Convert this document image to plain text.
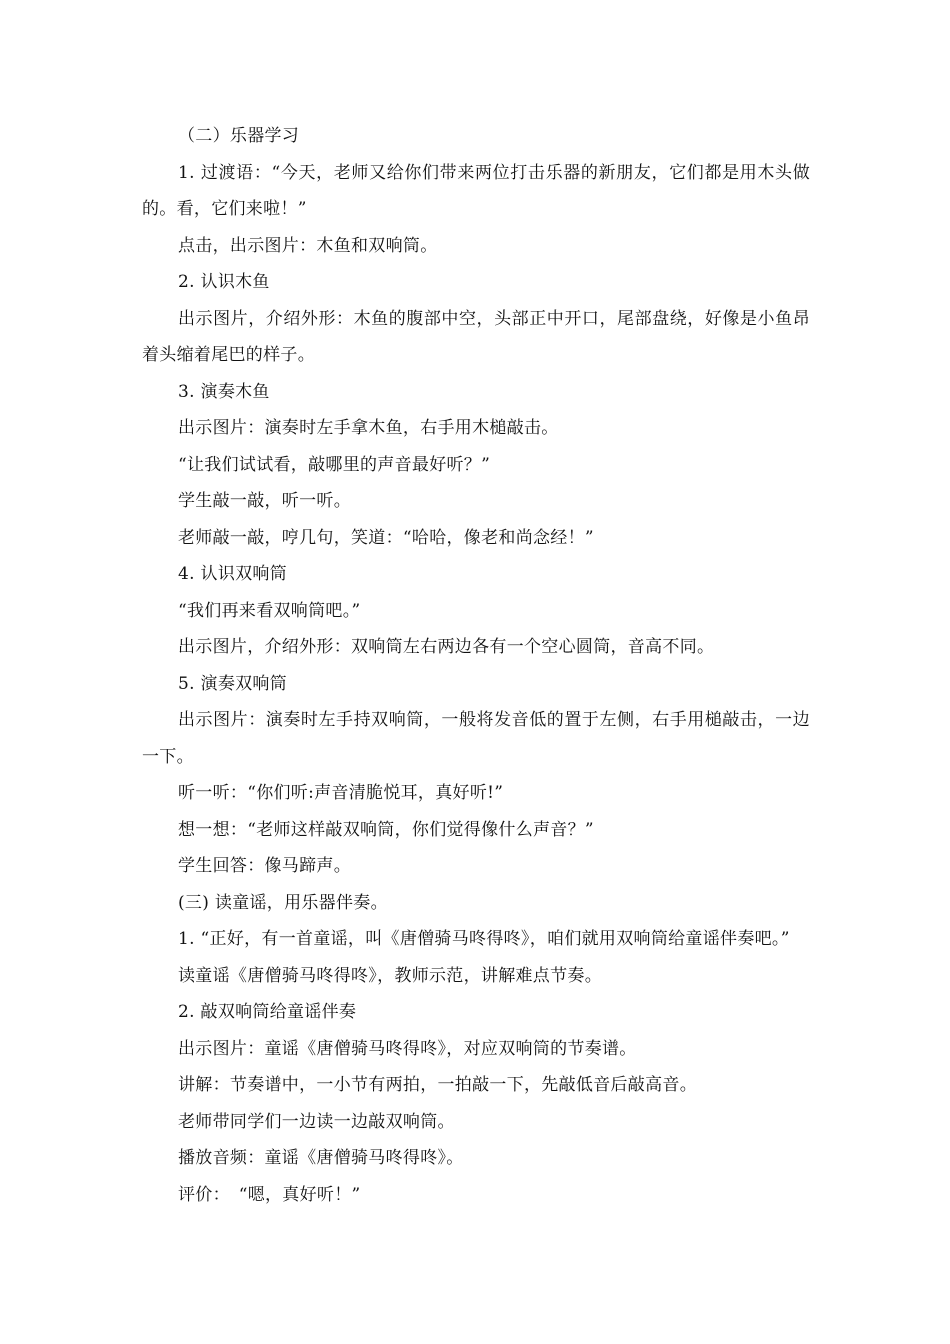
（二）乐器学习

1. 过渡语：“今天，老师又给你们带来两位打击乐器的新朋友，它们都是用木头做的。看，它们来啦！”

点击，出示图片：木鱼和双响筒。

2. 认识木鱼

出示图片，介绍外形：木鱼的腹部中空，头部正中开口，尾部盘绕，好像是小鱼昂着头缩着尾巴的样子。

3. 演奏木鱼

出示图片：演奏时左手拿木鱼，右手用木槌敲击。

“让我们试试看，敲哪里的声音最好听？”

学生敲一敲，听一听。

老师敲一敲，哼几句，笑道：“哈哈，像老和尚念经！”

4. 认识双响筒

“我们再来看双响筒吧。”

出示图片，介绍外形：双响筒左右两边各有一个空心圆筒，音高不同。

5. 演奏双响筒

出示图片：演奏时左手持双响筒，一般将发音低的置于左侧，右手用槌敲击，一边一下。

听一听：“你们听:声音清脆悦耳，真好听!”

想一想：“老师这样敲双响筒，你们觉得像什么声音？”

学生回答：像马蹄声。

(三) 读童谣，用乐器伴奏。

1. “正好，有一首童谣，叫《唐僧骑马咚得咚》，咱们就用双响筒给童谣伴奏吧。”

读童谣《唐僧骑马咚得咚》，教师示范，讲解难点节奏。

2. 敲双响筒给童谣伴奏

出示图片：童谣《唐僧骑马咚得咚》，对应双响筒的节奏谱。

讲解：节奏谱中，一小节有两拍，一拍敲一下，先敲低音后敲高音。

老师带同学们一边读一边敲双响筒。

播放音频：童谣《唐僧骑马咚得咚》。

评价：　“嗯，真好听！”
